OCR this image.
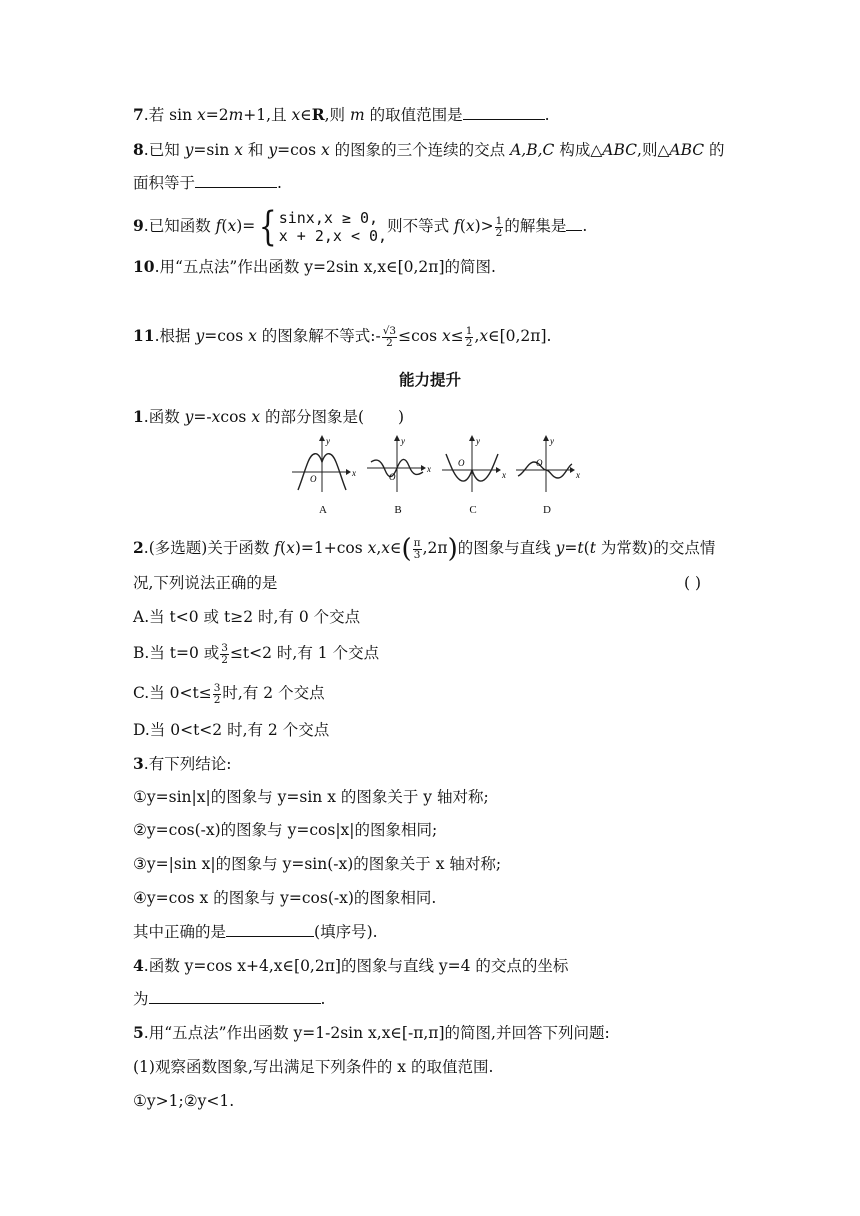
7.若 sin x=2m+1,且 x∈R,则 m 的取值范围是	.
8.已知 y=sin x 和 y=cos x 的图象的三个连续的交点 A,B,C 构成△ABC,则△ABC 的
面积等于	.
9.已知函数 f(x)= { sinx,x ≥ 0,
x + 2,x < 0,
则不等式 $f(x)> \frac{1}{2}$ 的解集是 .
10.用“五点法”作出函数 y=2sin x,x∈[0,2π]的简图.
11.根据 y=cos x 的图象解不等式:- $\frac{√3}{2} \le\cos$ $x\le \frac{1}{2}$ ,x∈[0,2π].
能力提升
1.函数 y=-xcos x 的部分图象是( )
y
x
O
A
y
x
O
B
y
x
O
C
y
x
O
D
2.(多选题)关于函数 f(x)=1+cos x,x∈( $\frac{\pi}{3} ,2\pi$)的图象与直线 y=t(t 为常数)的交点情
况,下列说法正确的是	( )
A.当 t<0 或 t≥2 时,有 0 个交点
B.当 t=0 或 $\frac{3}{2} \le t<2$ 时,有 1 个交点
C.当 $0<t\le \frac{3}{2}$ 时,有 2 个交点
D.当 0<t<2 时,有 2 个交点
3.有下列结论:
①y=sin|x|的图象与 y=sin x 的图象关于 y 轴对称;
②y=cos(-x)的图象与 y=cos|x|的图象相同;
③y=|sin x|的图象与 y=sin(-x)的图象关于 x 轴对称;
④y=cos x 的图象与 y=cos(-x)的图象相同.
其中正确的是	(填序号).
4.函数 y=cos x+4,x∈[0,2π]的图象与直线 y=4 的交点的坐标
为	.
5.用“五点法”作出函数 y=1-2sin x,x∈[-π,π]的简图,并回答下列问题:
(1)观察函数图象,写出满足下列条件的 x 的取值范围.
①y>1;②y<1.
